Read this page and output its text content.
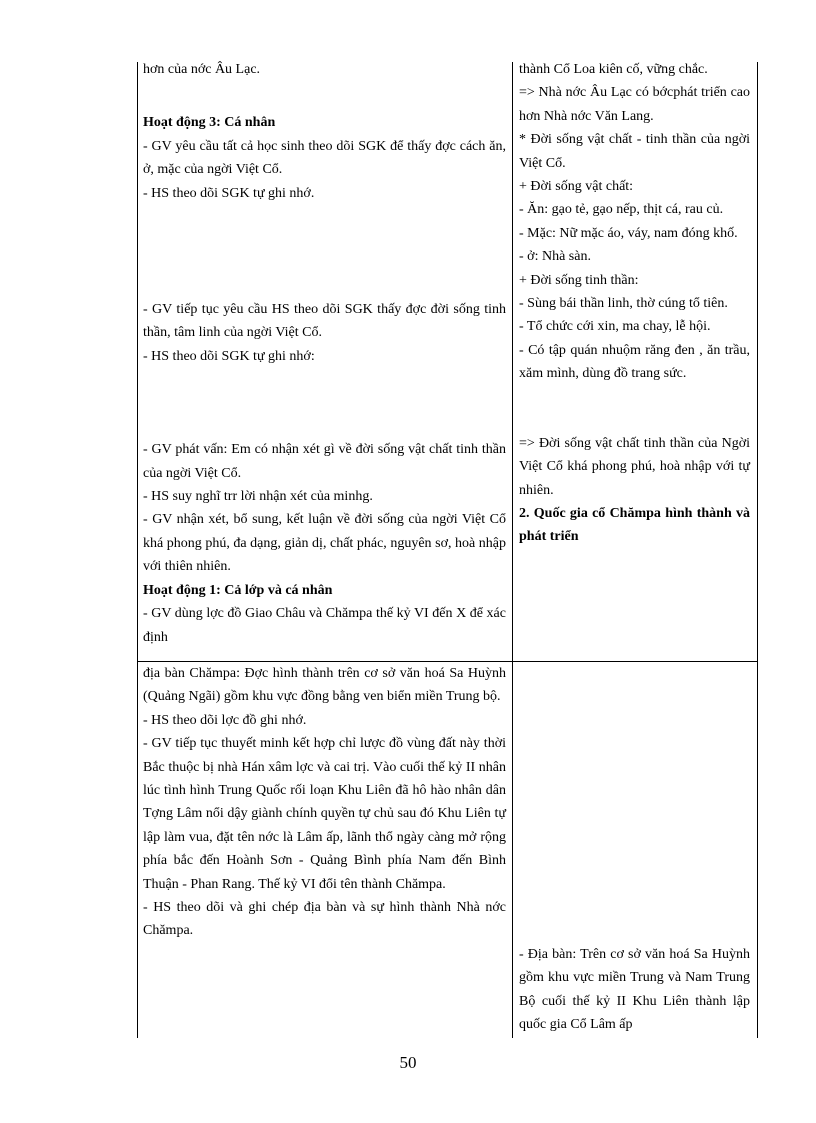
hơn của nớc Âu Lạc.

Hoạt động 3: Cá nhân

- GV yêu cầu tất cả học sinh theo dõi SGK để thấy đợc cách ăn, ở, mặc của ngời Việt Cổ.

- HS theo dõi SGK tự ghi nhớ.

- GV tiếp tục yêu cầu HS theo dõi SGK thấy đợc đời sống tinh thần, tâm linh của ngời Việt Cổ.

- HS theo dõi SGK tự ghi nhớ:

- GV phát vấn: Em có nhận xét gì về đời sống vật chất tinh thần của ngời Việt Cổ.

- HS suy nghĩ trr lời nhận xét của minhg.

- GV nhận xét, bổ sung, kết luận về đời sống của ngời Việt Cổ khá phong phú, đa dạng, giản dị, chất phác, nguyên sơ, hoà nhập với thiên nhiên.

Hoạt động 1: Cả lớp và cá nhân

- GV dùng lợc đồ Giao Châu và Chămpa thế kỷ VI đến X để xác định

thành Cổ Loa kiên cố, vững chắc.

=> Nhà nớc Âu Lạc có bớcphát triển cao hơn Nhà nớc Văn Lang.

* Đời sống vật chất - tinh thần của ngời Việt Cổ.

+ Đời sống vật chất:

- Ăn: gạo tẻ, gạo nếp, thịt cá, rau củ.

- Mặc: Nữ mặc áo, váy, nam đóng khố.

- ở: Nhà sàn.

+ Đời sống tinh thần:

- Sùng bái thần linh, thờ cúng tổ tiên.

- Tổ chức cới xin, ma chay, lễ hội.

- Có tập quán nhuộm răng đen , ăn trầu, xăm mình, dùng đồ trang sức.

=> Đời sống vật chất tinh thần của Ngời Việt Cổ khá phong phú, hoà nhập với tự nhiên.

2. Quốc gia cổ Chămpa hình thành và phát triển

địa bàn Chămpa: Đợc hình thành trên cơ sở văn hoá Sa Huỳnh (Quảng Ngãi) gồm khu vực đồng bằng ven biển miền Trung bộ.

- HS theo dõi lợc đồ ghi nhớ.

- GV tiếp tục thuyết minh kết hợp chỉ lược đồ vùng đất này thời Bắc thuộc bị nhà Hán xâm lợc và cai trị. Vào cuối thế kỷ II nhân lúc tình hình Trung Quốc rối loạn Khu Liên đã hô hào nhân dân Tợng Lâm nổi dậy giành chính quyền tự chủ sau đó Khu Liên tự lập làm vua, đặt tên nớc là Lâm ấp, lãnh thổ ngày càng mở rộng phía bắc đến Hoành Sơn - Quảng Bình phía Nam đến Bình Thuận - Phan Rang. Thế kỷ VI đổi tên thành Chămpa.

- HS theo dõi và ghi chép địa bàn và sự hình thành Nhà nớc Chămpa.

- Địa bàn: Trên cơ sở văn hoá Sa Huỳnh gồm khu vực miền Trung và Nam Trung Bộ cuối thế kỷ II Khu Liên thành lập quốc gia Cổ Lâm ấp

50
